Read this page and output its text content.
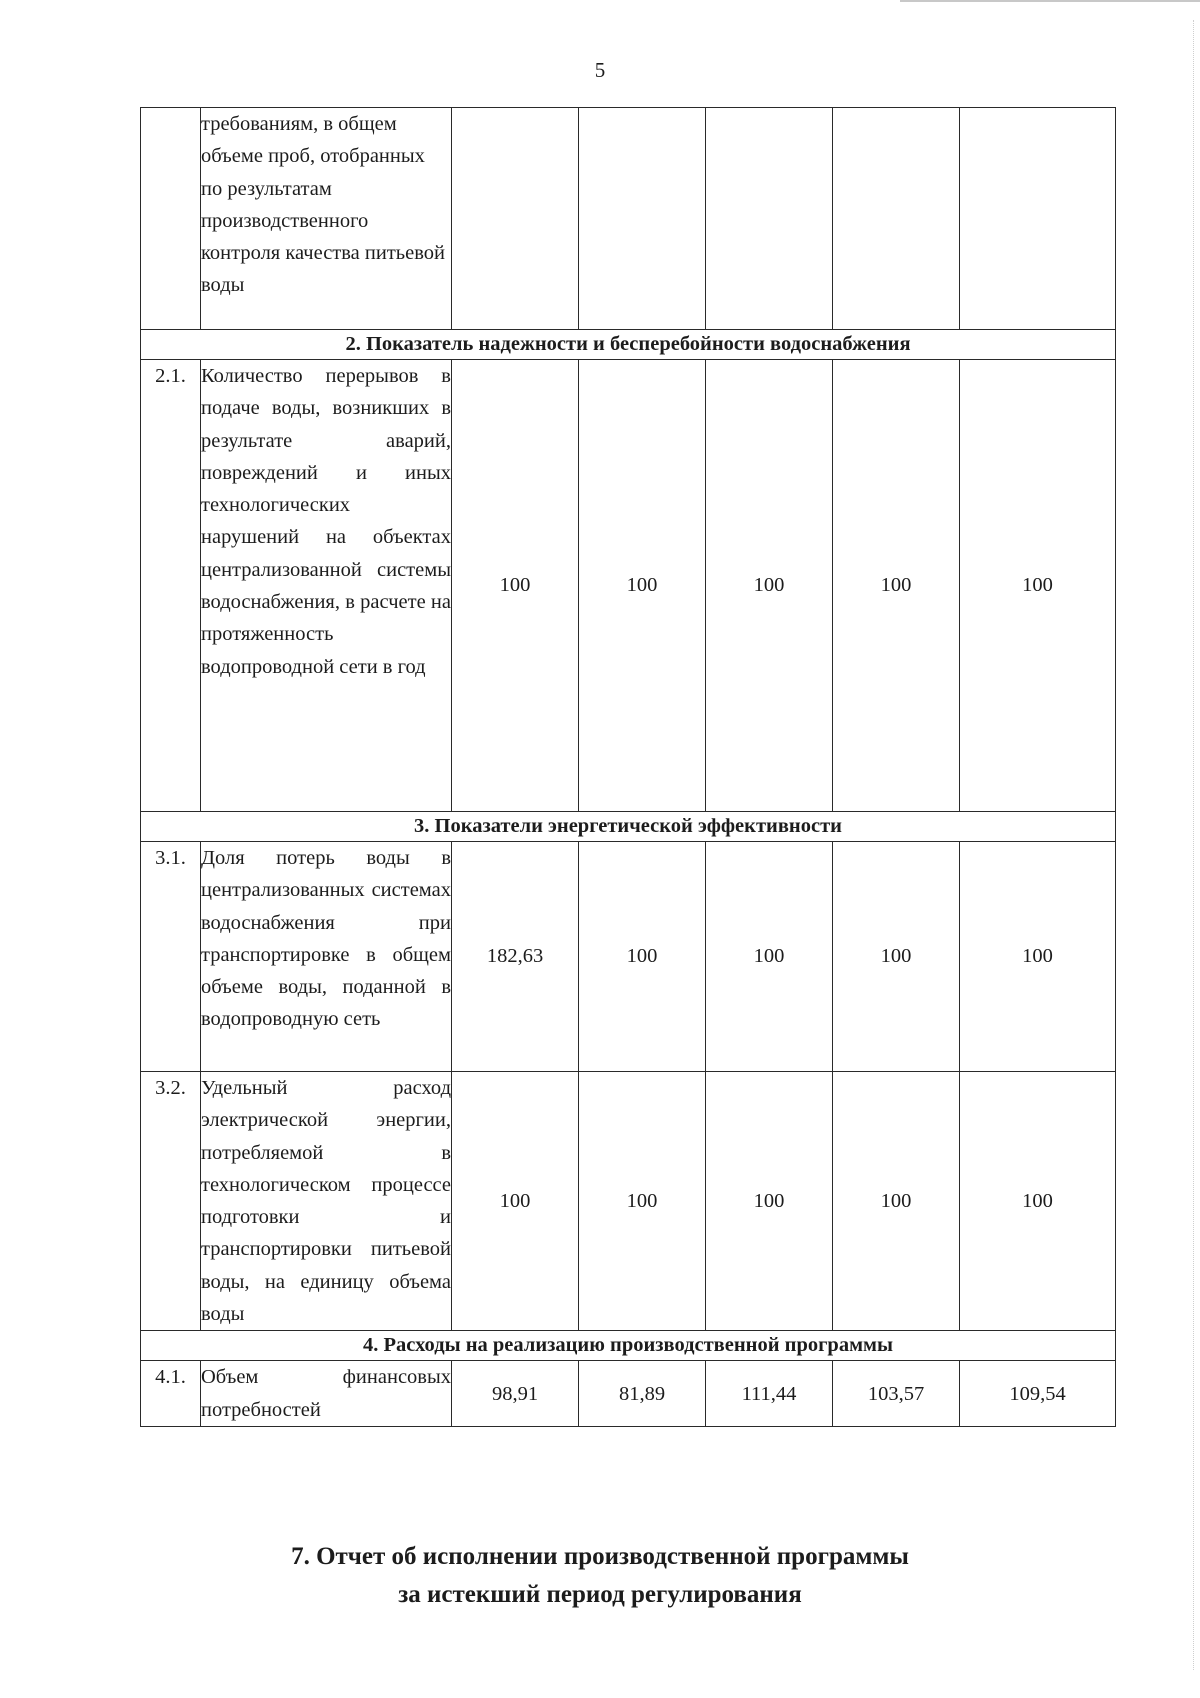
5
	требованиям, в общем объеме проб, отобранных по результатам производственного контроля качества питьевой воды					
2. Показатель надежности и бесперебойности водоснабжения						
2.1.	Количество перерывов в подаче воды, возникших в результате аварий, повреждений и иных технологических нарушений на объектах централизованной системы водоснабжения, в расчете на протяженность водопроводной сети в год	100	100	100	100	100
3. Показатели энергетической эффективности						
3.1.	Доля потерь воды в централизованных системах водоснабжения при транспортировке в общем объеме воды, поданной в водопроводную сеть	182,63	100	100	100	100
3.2.	Удельный расход электрической энергии, потребляемой в технологическом процессе подготовки и транспортировки питьевой воды, на единицу объема воды	100	100	100	100	100
4. Расходы на реализацию производственной программы						
4.1.	Объем финансовых потребностей	98,91	81,89	111,44	103,57	109,54
7. Отчет об исполнении производственной программы
за истекший период регулирования
